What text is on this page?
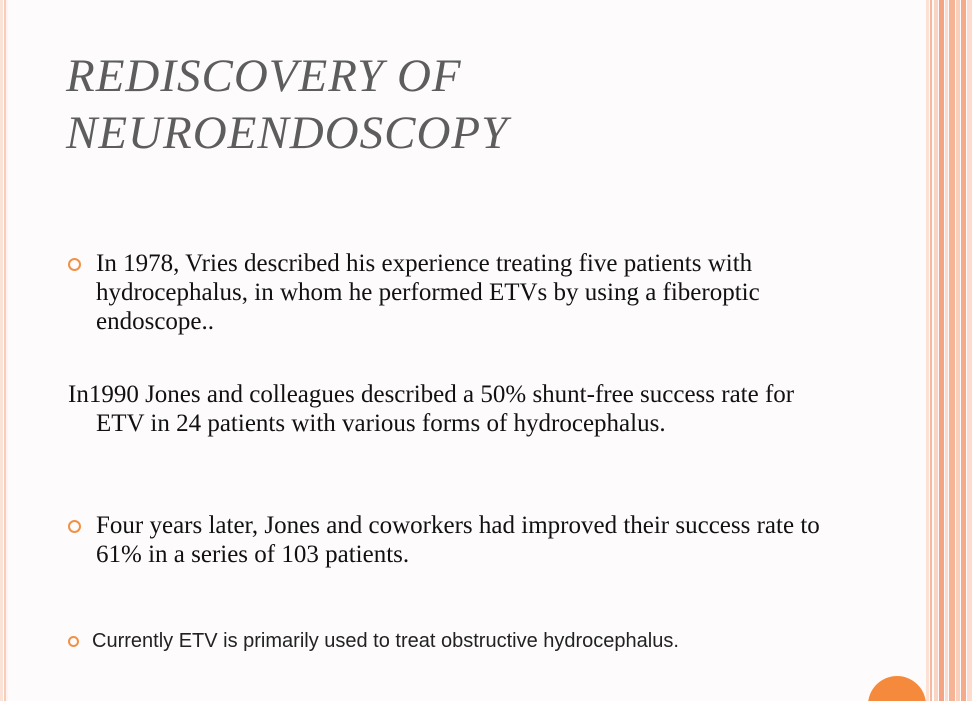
REDISCOVERY OF
NEUROENDOSCOPY
In 1978, Vries described his experience treating five patients with hydrocephalus, in whom he performed ETVs by using a fiberoptic endoscope..
In1990 Jones and colleagues described a 50% shunt-free success rate for ETV in 24 patients with various forms of hydrocephalus.
Four years later, Jones and coworkers had improved their success rate to 61% in a series of 103 patients.
Currently ETV is primarily used to treat obstructive hydrocephalus.
